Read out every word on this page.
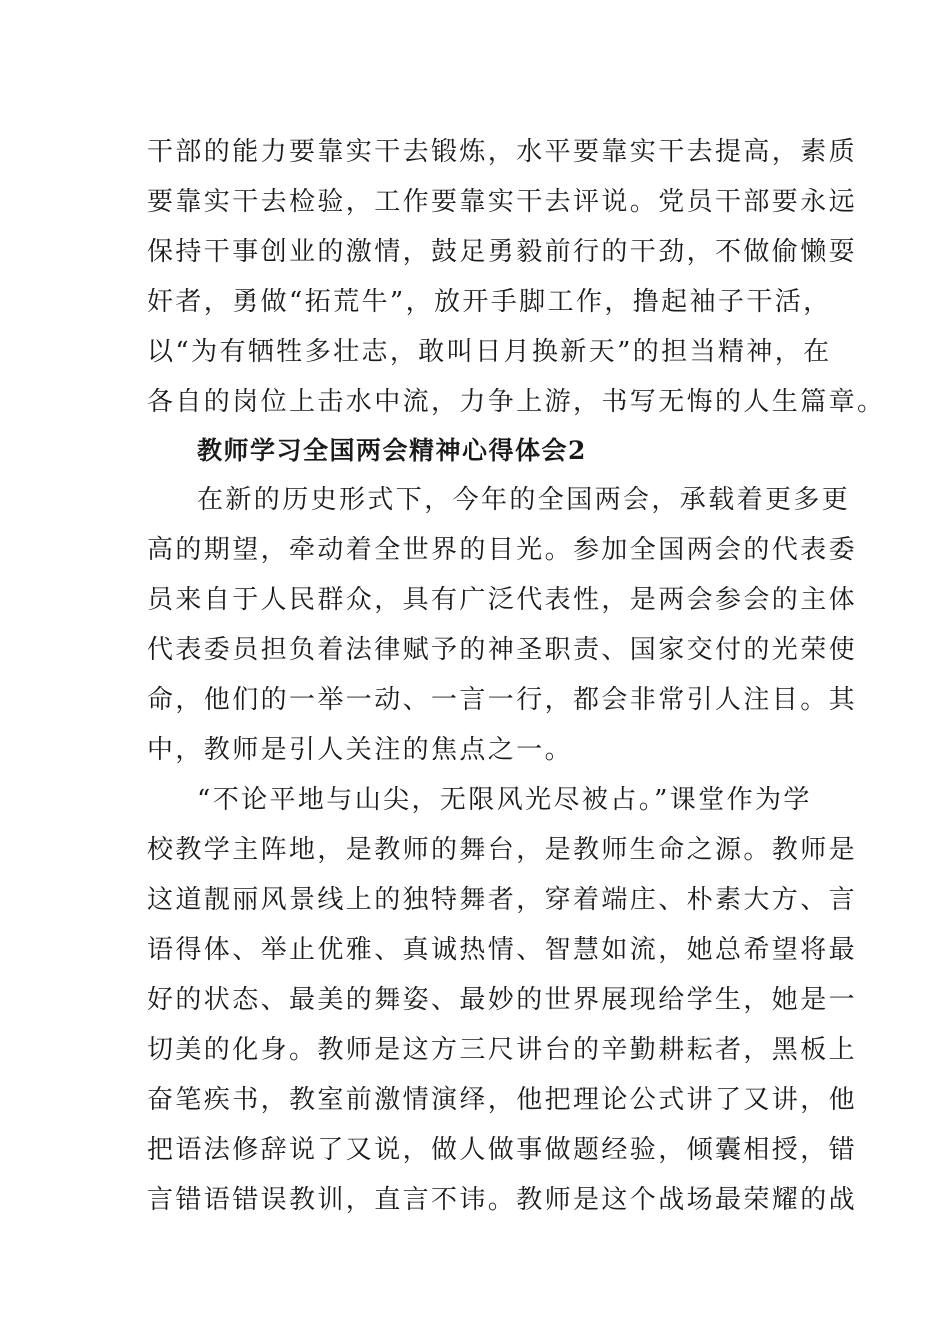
干部的能力要靠实干去锻炼，水平要靠实干去提高，素质
要靠实干去检验，工作要靠实干去评说。党员干部要永远
保持干事创业的激情，鼓足勇毅前行的干劲，不做偷懒耍
奸者，勇做“拓荒牛”，放开手脚工作，撸起袖子干活，
以“为有牺牲多壮志，敢叫日月换新天”的担当精神，在
各自的岗位上击水中流，力争上游，书写无悔的人生篇章。
教师学习全国两会精神心得体会2
在新的历史形式下，今年的全国两会，承载着更多更
高的期望，牵动着全世界的目光。参加全国两会的代表委
员来自于人民群众，具有广泛代表性，是两会参会的主体
代表委员担负着法律赋予的神圣职责、国家交付的光荣使
命，他们的一举一动、一言一行，都会非常引人注目。其
中，教师是引人关注的焦点之一。
“不论平地与山尖，无限风光尽被占。”课堂作为学
校教学主阵地，是教师的舞台，是教师生命之源。教师是
这道靓丽风景线上的独特舞者，穿着端庄、朴素大方、言
语得体、举止优雅、真诚热情、智慧如流，她总希望将最
好的状态、最美的舞姿、最妙的世界展现给学生，她是一
切美的化身。教师是这方三尺讲台的辛勤耕耘者，黑板上
奋笔疾书，教室前激情演绎，他把理论公式讲了又讲，他
把语法修辞说了又说，做人做事做题经验，倾囊相授，错
言错语错误教训，直言不讳。教师是这个战场最荣耀的战
